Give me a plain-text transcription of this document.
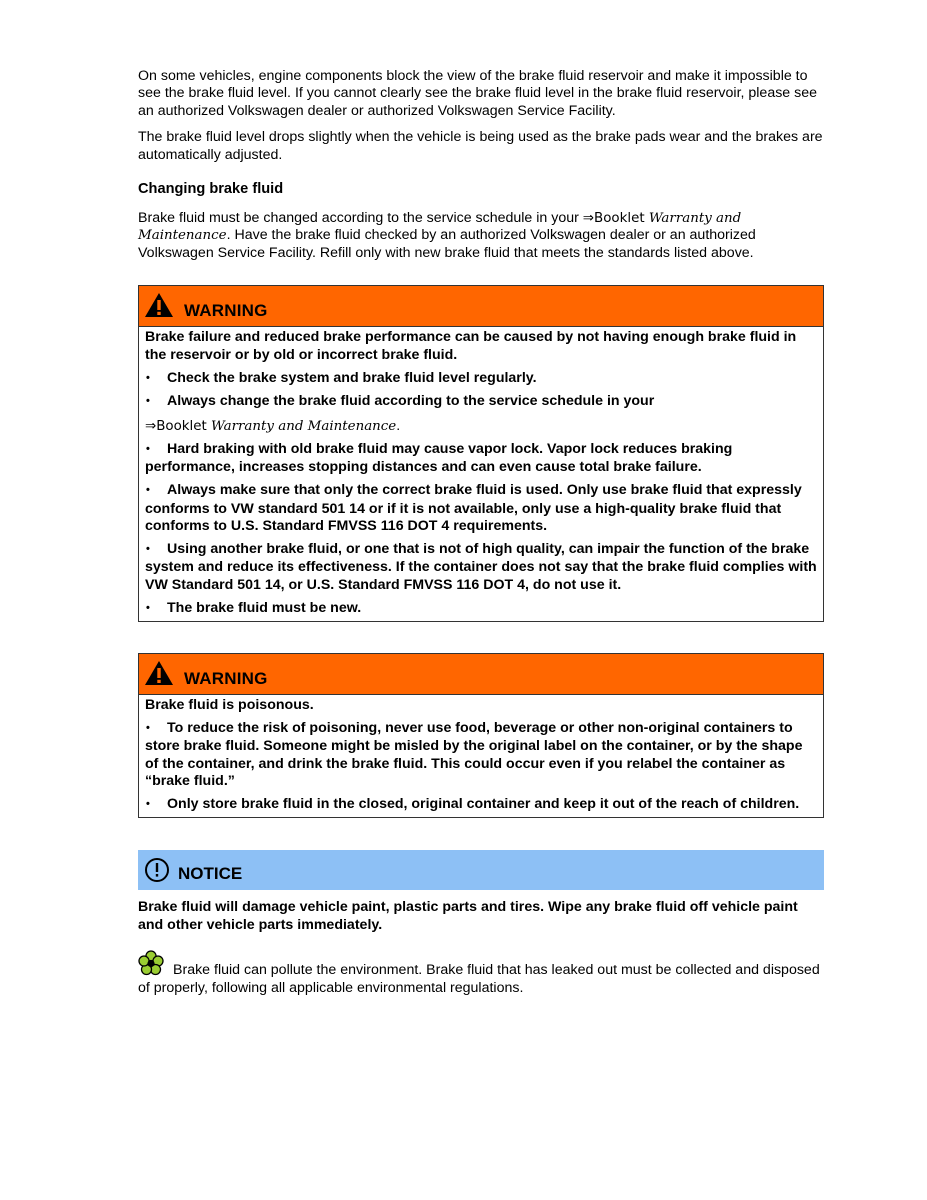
On some vehicles, engine components block the view of the brake fluid reservoir and make it impossible to see the brake fluid level. If you cannot clearly see the brake fluid level in the brake fluid reservoir, please see an authorized Volkswagen dealer or authorized Volkswagen Service Facility.

The brake fluid level drops slightly when the vehicle is being used as the brake pads wear and the brakes are automatically adjusted.

Changing brake fluid

Brake fluid must be changed according to the service schedule in your ⇒Booklet Warranty and
Maintenance. Have the brake fluid checked by an authorized Volkswagen dealer or an authorized Volkswagen Service Facility. Refill only with new brake fluid that meets the standards listed above.

WARNING

Brake failure and reduced brake performance can be caused by not having enough brake fluid in the reservoir or by old or incorrect brake fluid.

•Check the brake system and brake fluid level regularly.

•Always change the brake fluid according to the service schedule in your

⇒Booklet Warranty and Maintenance.

•Hard braking with old brake fluid may cause vapor lock. Vapor lock reduces braking performance, increases stopping distances and can even cause total brake failure.

•Always make sure that only the correct brake fluid is used. Only use brake fluid that expressly conforms to VW standard 501 14 or if it is not available, only use a high-quality brake fluid that conforms to U.S. Standard FMVSS 116 DOT 4 requirements.

•Using another brake fluid, or one that is not of high quality, can impair the function of the brake system and reduce its effectiveness. If the container does not say that the brake fluid complies with VW Standard 501 14, or U.S. Standard FMVSS 116 DOT 4, do not use it.

•The brake fluid must be new.

WARNING

Brake fluid is poisonous.

•To reduce the risk of poisoning, never use food, beverage or other non-original containers to store brake fluid. Someone might be misled by the original label on the container, or by the shape of the container, and drink the brake fluid. This could occur even if you relabel the container as “brake fluid.”

•Only store brake fluid in the closed, original container and keep it out of the reach of children.

NOTICE

Brake fluid will damage vehicle paint, plastic parts and tires. Wipe any brake fluid off vehicle paint and other vehicle parts immediately.

Brake fluid can pollute the environment. Brake fluid that has leaked out must be collected and disposed of properly, following all applicable environmental regulations.
